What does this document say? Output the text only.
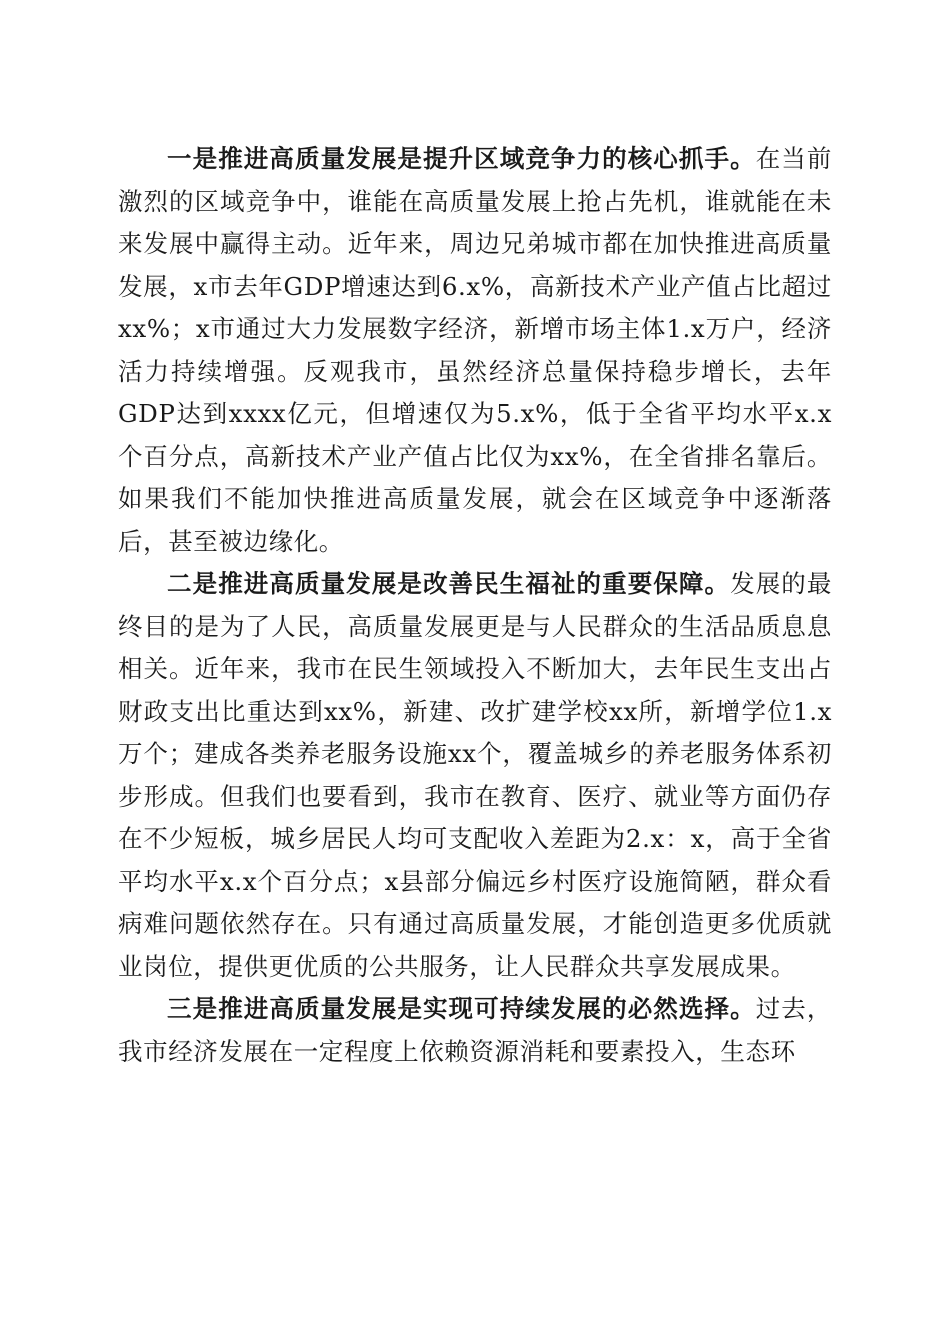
一是推进高质量发展是提升区域竞争力的核心抓手。在当前激烈的区域竞争中，谁能在高质量发展上抢占先机，谁就能在未来发展中赢得主动。近年来，周边兄弟城市都在加快推进高质量发展，x市去年GDP增速达到6.x%，高新技术产业产值占比超过xx%；x市通过大力发展数字经济，新增市场主体1.x万户，经济活力持续增强。反观我市，虽然经济总量保持稳步增长，去年GDP达到xxxx亿元，但增速仅为5.x%，低于全省平均水平x.x个百分点，高新技术产业产值占比仅为xx%，在全省排名靠后。如果我们不能加快推进高质量发展，就会在区域竞争中逐渐落后，甚至被边缘化。

二是推进高质量发展是改善民生福祉的重要保障。发展的最终目的是为了人民，高质量发展更是与人民群众的生活品质息息相关。近年来，我市在民生领域投入不断加大，去年民生支出占财政支出比重达到xx%，新建、改扩建学校xx所，新增学位1.x万个；建成各类养老服务设施xx个，覆盖城乡的养老服务体系初步形成。但我们也要看到，我市在教育、医疗、就业等方面仍存在不少短板，城乡居民人均可支配收入差距为2.x：x，高于全省平均水平x.x个百分点；x县部分偏远乡村医疗设施简陋，群众看病难问题依然存在。只有通过高质量发展，才能创造更多优质就业岗位，提供更优质的公共服务，让人民群众共享发展成果。

三是推进高质量发展是实现可持续发展的必然选择。过去，我市经济发展在一定程度上依赖资源消耗和要素投入，生态环
